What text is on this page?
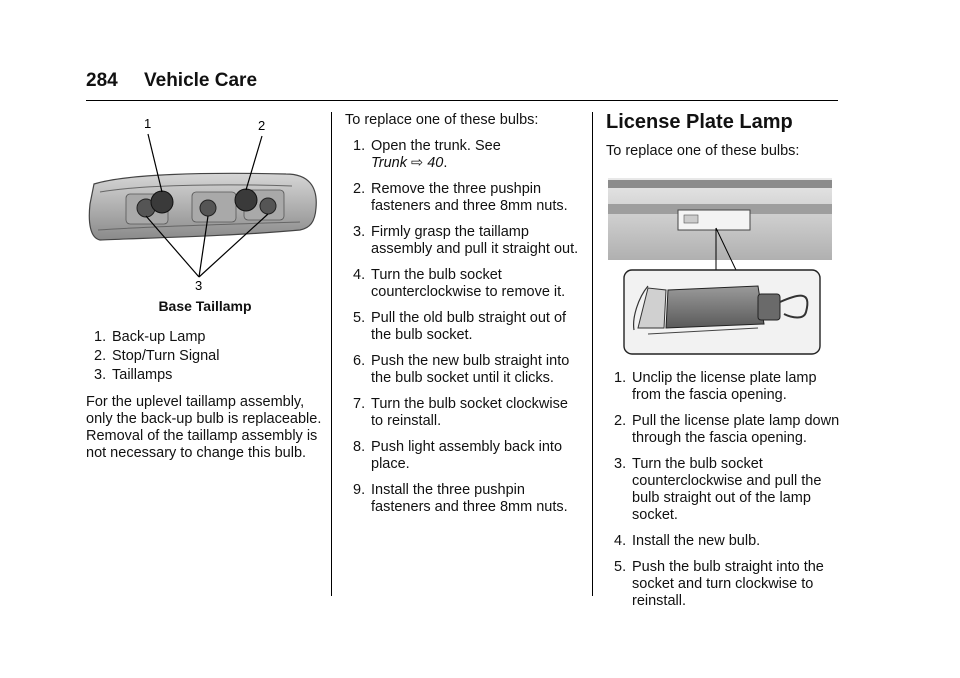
284 Vehicle Care
1	2
3
Base Taillamp
1. Back-up Lamp
2. Stop/Turn Signal
3. Taillamps

For the uplevel taillamp assembly, only the back-up bulb is replaceable. Removal of the taillamp assembly is not necessary to change this bulb.

To replace one of these bulbs:

1. Open the trunk. See
Trunk ⇨ 40.
2. Remove the three pushpin fasteners and three 8mm nuts.
3. Firmly grasp the taillamp assembly and pull it straight out.
4. Turn the bulb socket counterclockwise to remove it.
5. Pull the old bulb straight out of the bulb socket.
6. Push the new bulb straight into the bulb socket until it clicks.
7. Turn the bulb socket clockwise to reinstall.
8. Push light assembly back into place.
9. Install the three pushpin fasteners and three 8mm nuts.
License Plate Lamp

To replace one of these bulbs:

1. Unclip the license plate lamp from the fascia opening.
2. Pull the license plate lamp down through the fascia opening.
3. Turn the bulb socket counterclockwise and pull the bulb straight out of the lamp socket.
4. Install the new bulb.
5. Push the bulb straight into the socket and turn clockwise to reinstall.
